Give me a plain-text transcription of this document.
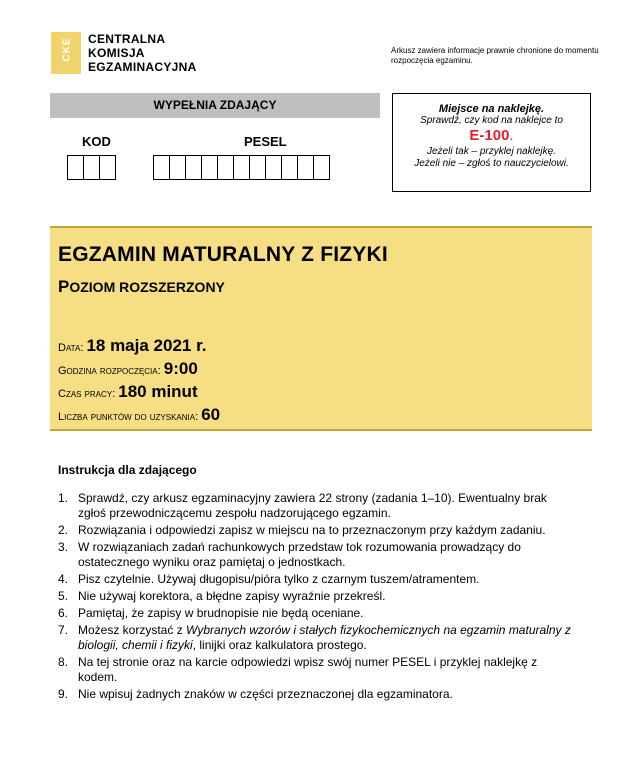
CKE CENTRALNA
KOMISJA
EGZAMINACYJNA
Arkusz zawiera informacje prawnie chronione do momentu rozpoczęcia egzaminu.
WYPEŁNIA ZDAJĄCY
KOD	PESEL
Miejsce na naklejkę.
Sprawdź, czy kod na naklejce to
E-100.
Jeżeli tak – przyklej naklejkę.
Jeżeli nie – zgłoś to nauczycielowi.
EGZAMIN MATURALNY Z FIZYKI
POZIOM ROZSZERZONY
Data: 18 maja 2021 r.
Godzina rozpoczęcia: 9:00
Czas pracy: 180 minut
Liczba punktów do uzyskania: 60
Instrukcja dla zdającego
1. Sprawdź, czy arkusz egzaminacyjny zawiera 22 strony (zadania 1–10). Ewentualny brak zgłoś przewodniczącemu zespołu nadzorującego egzamin.
2. Rozwiązania i odpowiedzi zapisz w miejscu na to przeznaczonym przy każdym zadaniu.
3. W rozwiązaniach zadań rachunkowych przedstaw tok rozumowania prowadzący do ostatecznego wyniku oraz pamiętaj o jednostkach.
4. Pisz czytelnie. Używaj długopisu/pióra tylko z czarnym tuszem/atramentem.
5. Nie używaj korektora, a błędne zapisy wyraźnie przekreśl.
6. Pamiętaj, że zapisy w brudnopisie nie będą oceniane.
7. Możesz korzystać z Wybranych wzorów i stałych fizykochemicznych na egzamin maturalny z biologii, chemii i fizyki, linijki oraz kalkulatora prostego.
8. Na tej stronie oraz na karcie odpowiedzi wpisz swój numer PESEL i przyklej naklejkę z kodem.
9. Nie wpisuj żadnych znaków w części przeznaczonej dla egzaminatora.
